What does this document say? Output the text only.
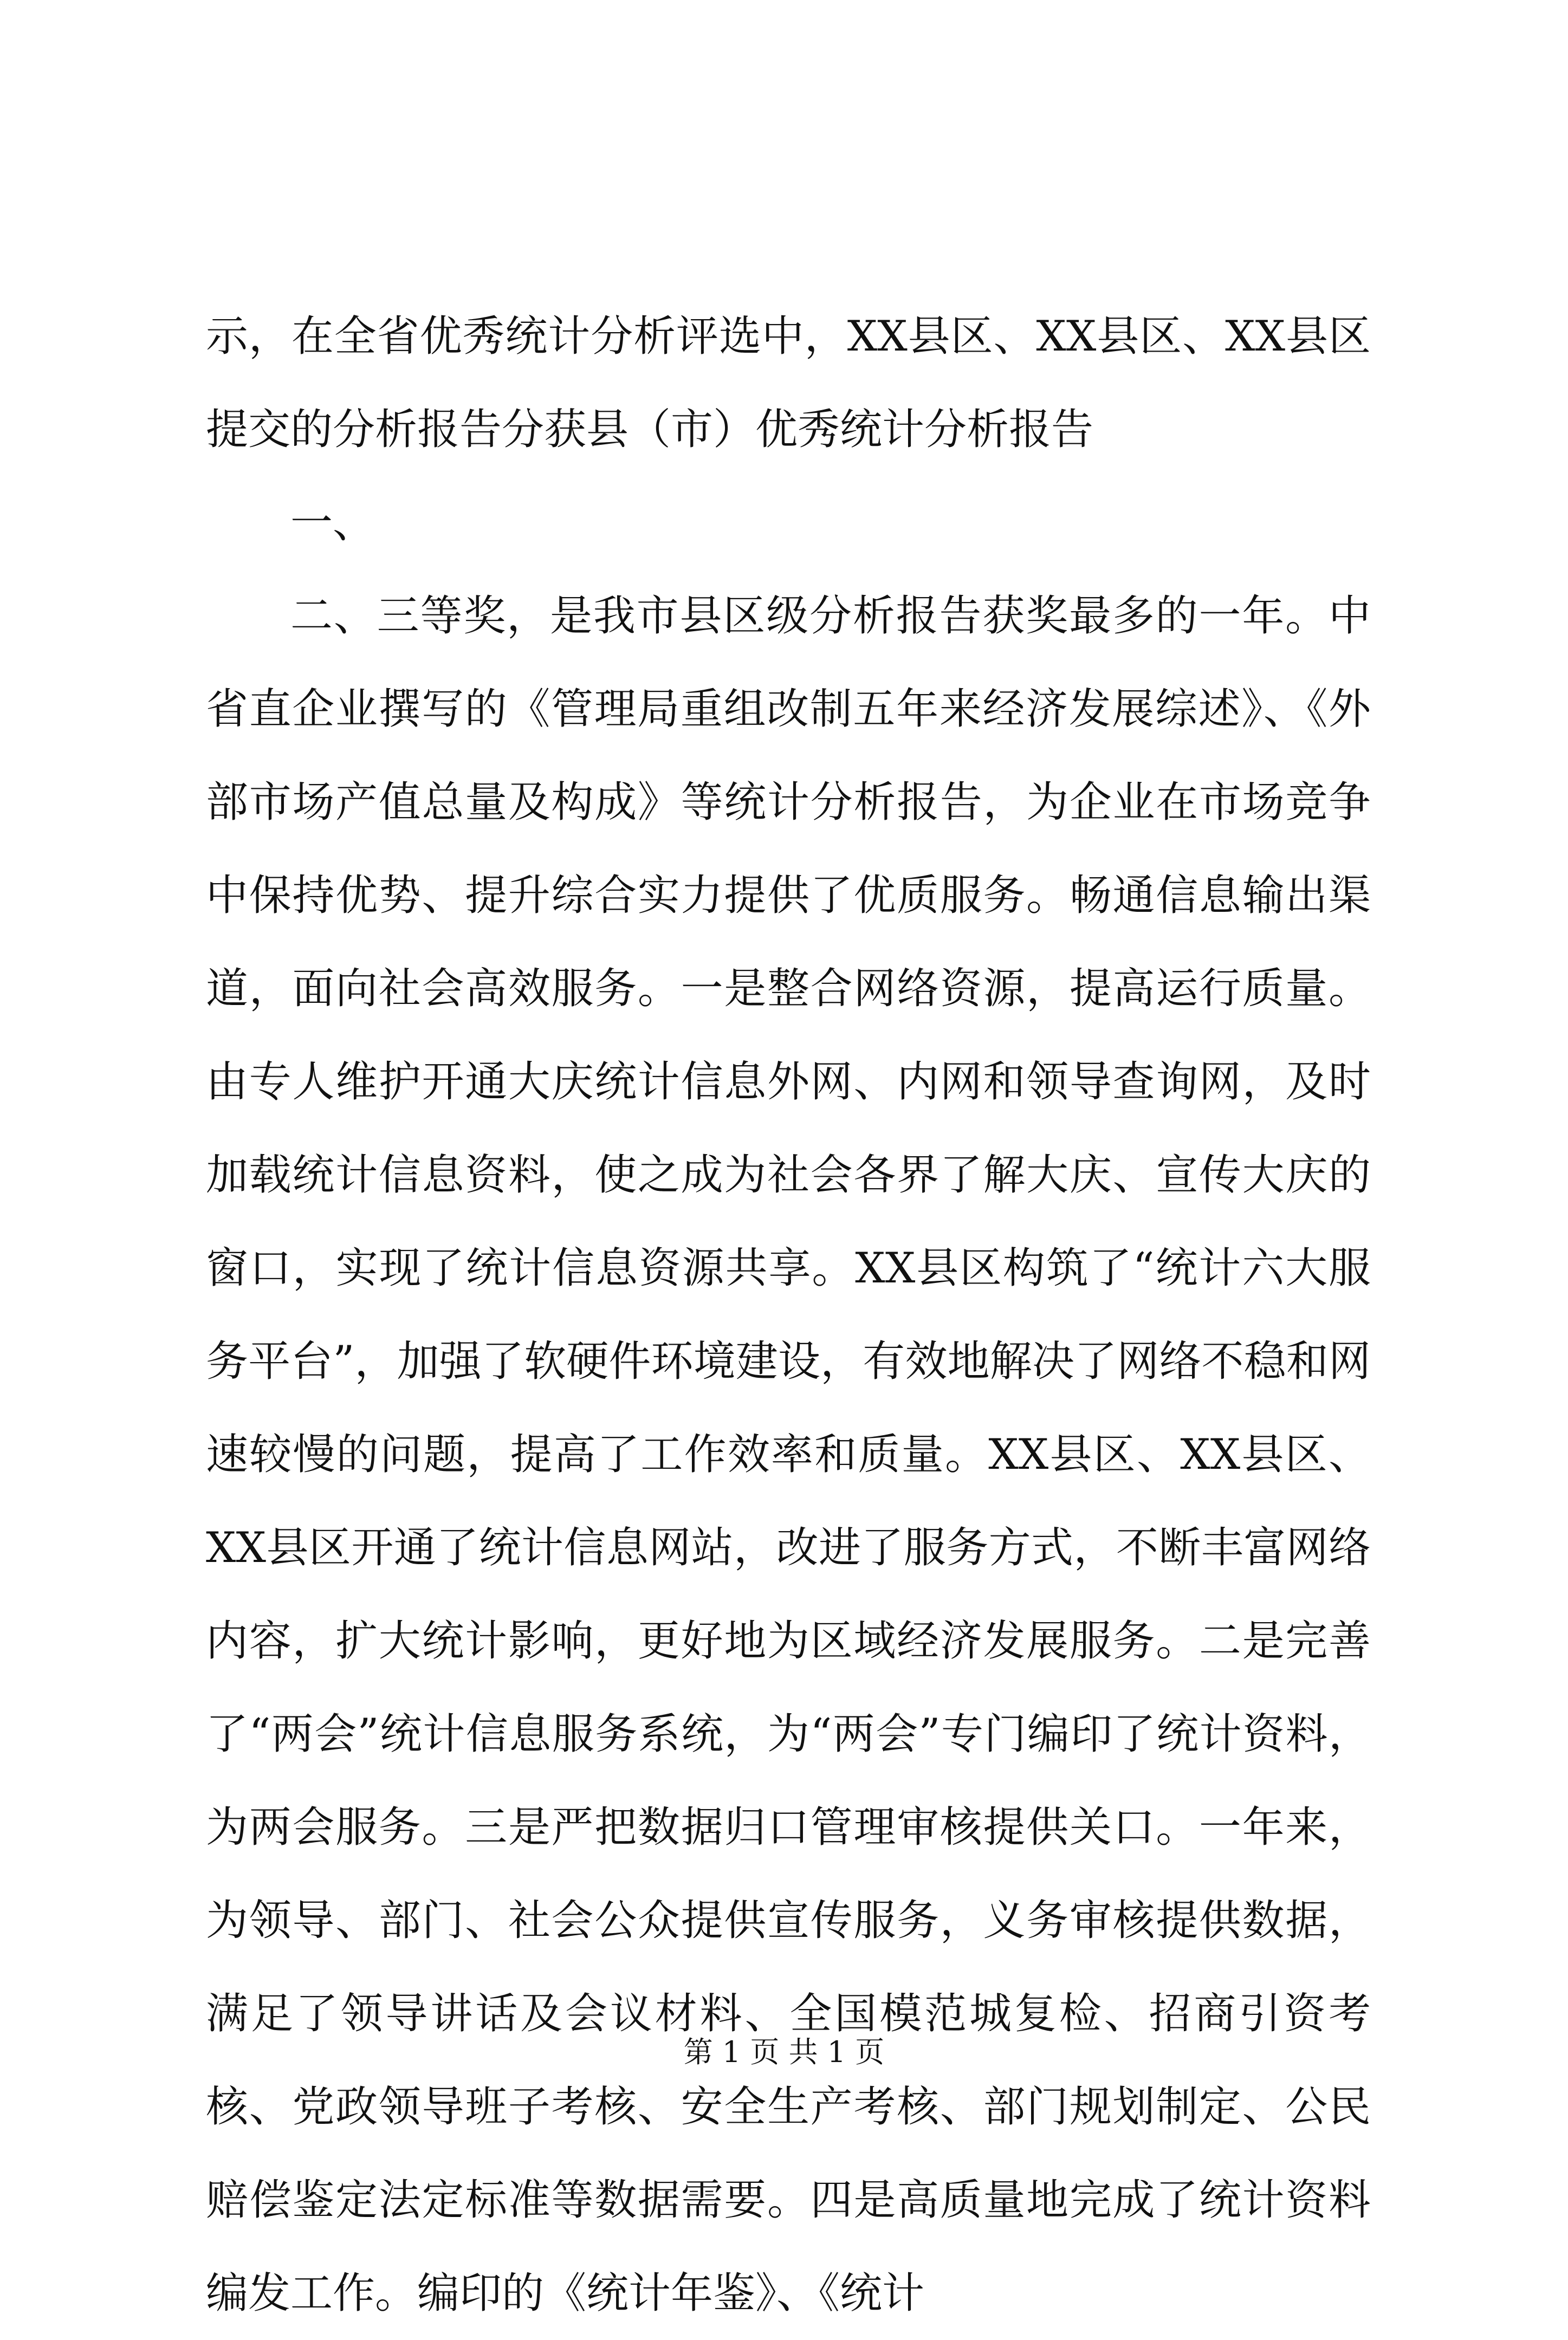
示，在全省优秀统计分析评选中，XX县区、XX县区、XX县区提交的分析报告分获县（市）优秀统计分析报告

一、

二、三等奖，是我市县区级分析报告获奖最多的一年。中省直企业撰写的《管理局重组改制五年来经济发展综述》、《外部市场产值总量及构成》等统计分析报告，为企业在市场竞争中保持优势、提升综合实力提供了优质服务。畅通信息输出渠道，面向社会高效服务。一是整合网络资源，提高运行质量。由专人维护开通大庆统计信息外网、内网和领导查询网，及时加载统计信息资料，使之成为社会各界了解大庆、宣传大庆的窗口，实现了统计信息资源共享。XX县区构筑了“统计六大服务平台”，加强了软硬件环境建设，有效地解决了网络不稳和网速较慢的问题，提高了工作效率和质量。XX县区、XX县区、XX县区开通了统计信息网站，改进了服务方式，不断丰富网络内容，扩大统计影响，更好地为区域经济发展服务。二是完善了“两会”统计信息服务系统，为“两会”专门编印了统计资料，为两会服务。三是严把数据归口管理审核提供关口。一年来，为领导、部门、社会公众提供宣传服务，义务审核提供数据，满足了领导讲话及会议材料、全国模范城复检、招商引资考核、党政领导班子考核、安全生产考核、部门规划制定、公民赔偿鉴定法定标准等数据需要。四是高质量地完成了统计资料编发工作。编印的《统计年鉴》、《统计

第 1 页 共 1 页
